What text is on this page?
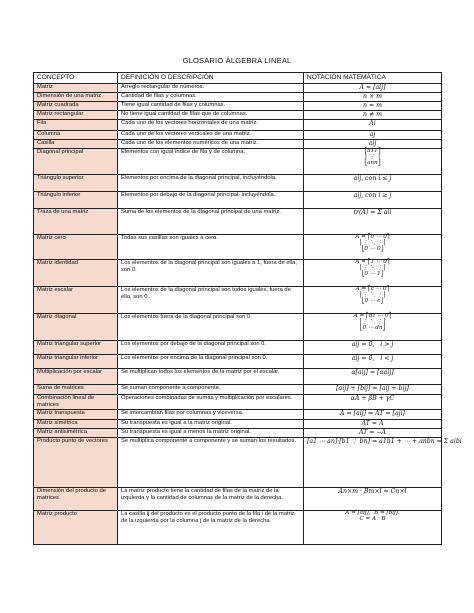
GLOSARIO ÁLGEBRA LINEAL
CONCEPTO	DEFINICIÓN O DESCRIPCIÓN	NOTACIÓN MATEMÁTICA
Matriz	Arreglo rectangular de números.	A = [aij]
Dimensión de una matriz	Cantidad de filas y columnas.	n × m
Matriz cuadrada	Tiene igual cantidad de filas y columnas.	n = m
Matriz rectangular	No tiene igual cantidad de filas que de columnas.	n ≠ m
Fila	Cada uno de los vectores horizontales de una matriz.	Ai
Columna	Cada uno de los vectores verticales de una matriz.	aj
Casilla	Cada uno de los elementos numéricos de una matriz.	aij
Diagonal principal	Elementos con igual índice de fila y de columna.	⎡a11⎤
⎢ ⋮ ⎥
⎣ann⎦
Triángulo superior	Elementos por encima de la diagonal principal, incluyéndola.	aij, con i ≤ j
Triángulo inferior	Elementos por debajo de la diagonal principal, incluyéndola.	aij, con i ≥ j
Traza de una matriz	Suma de los elementos de la diagonal principal de una matriz.	tr(A) = Σ aii
Matriz cero	Todas sus casillas son iguales a cero.	A = ⎡0 ⋯ 0⎤
⎢⋮ ⋱ ⋮⎥
⎣0 ⋯ 0⎦
Matriz identidad	Los elementos de la diagonal principal son iguales a 1, fuera de ella, son 0.	A = ⎡1 ⋯ 0⎤
⎢⋮ ⋱ ⋮⎥
⎣0 ⋯ 1⎦
Matriz escalar	Los elementos de la diagonal principal son todos iguales, fuera de ella, son 0.	A = ⎡c ⋯ 0⎤
⎢⋮ ⋱ ⋮⎥
⎣0 ⋯ c⎦
Matriz diagonal	Los elementos fuera de la diagonal principal son 0.	A = ⎡d1 ⋯ 0⎤
⎢⋮ ⋱ ⋮⎥
⎣0 ⋯ dn⎦
Matriz triangular superior	Los elementos por debajo de la diagonal principal son 0.	aij = 0,   i > j
Matriz triangular inferior	Los elementos por encima de la diagonal principal son 0.	aij = 0,   i < j
Multiplicación por escalar	Se multiplican todos los elementos de la matriz por el escalar.	α[aij] = [αaij]
Suma de matrices	Se suman componente a componente.	[aij] + [bij] = [aij + bij]
Combinación lineal de matrices	Operaciones combinadas de sumas y multiplicación por escalares.	αA + βB + γC
Matriz transpuesta	Se intercambian filas por columnas y viceversa.	A = [aij] ⇒ AT = [aji]
Matriz simétrica	Su transpuesta es igual a la matriz original.	AT = A
Matriz antisimétrica	Su transpuesta es igual a menos la matriz original.	AT = −A
Producto punto de vectores	Se multiplica componente a componente y se suman los resultados.	[a1 ⋯ an]·[b1 ⋮ bn] = a1b1 + ⋯ + anbn = Σ aibi
Dimensión del producto de matrices	La matriz producto tiene la cantidad de filas de la matriz de la izquierda y la cantidad de columnas de la matriz de la derecha.	An×m · Bm×l = Cn×l
Matriz producto	La casilla ij del producto es el producto punto de la fila i de la matriz de la izquierda por la columna j de la matriz de la derecha.	A = [aij],  B = [bij].
C = A · B
